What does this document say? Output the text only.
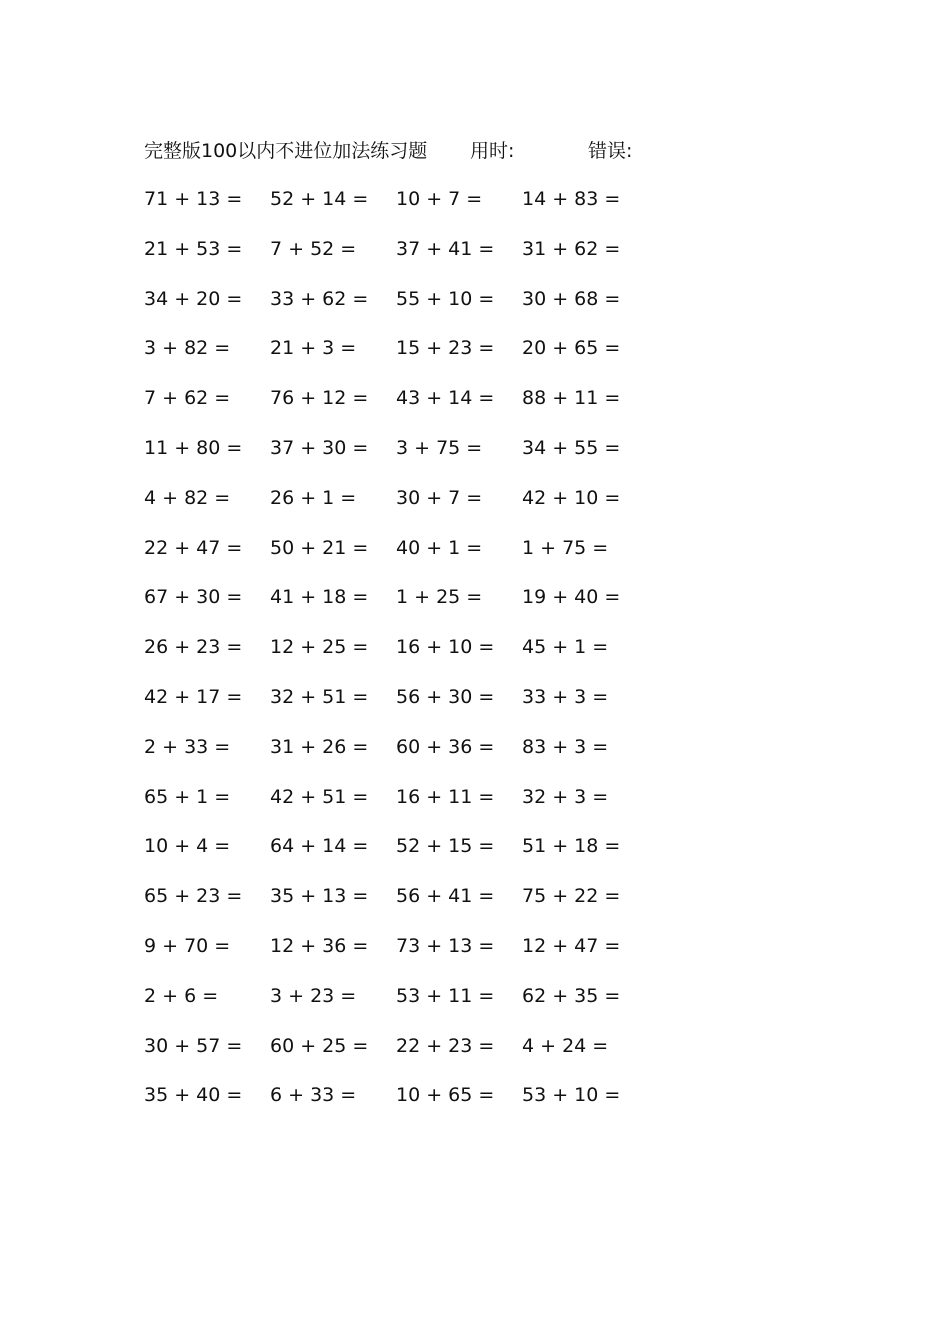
完整版100以内不进位加法练习题 用时:	错误:
71 + 13 = 52 + 14 = 10 + 7 = 14 + 83 =
21 + 53 = 7 + 52 = 37 + 41 = 31 + 62 =
34 + 20 = 33 + 62 = 55 + 10 = 30 + 68 =
3 + 82 = 21 + 3 = 15 + 23 = 20 + 65 =
7 + 62 = 76 + 12 = 43 + 14 = 88 + 11 =
11 + 80 = 37 + 30 = 3 + 75 = 34 + 55 =
4 + 82 = 26 + 1 = 30 + 7 = 42 + 10 =
22 + 47 = 50 + 21 = 40 + 1 = 1 + 75 =
67 + 30 = 41 + 18 = 1 + 25 = 19 + 40 =
26 + 23 = 12 + 25 = 16 + 10 = 45 + 1 =
42 + 17 = 32 + 51 = 56 + 30 = 33 + 3 =
2 + 33 = 31 + 26 = 60 + 36 = 83 + 3 =
65 + 1 = 42 + 51 = 16 + 11 = 32 + 3 =
10 + 4 = 64 + 14 = 52 + 15 = 51 + 18 =
65 + 23 = 35 + 13 = 56 + 41 = 75 + 22 =
9 + 70 = 12 + 36 = 73 + 13 = 12 + 47 =
2 + 6 =	3 + 23 = 53 + 11 = 62 + 35 =
30 + 57 = 60 + 25 = 22 + 23 = 4 + 24 =
35 + 40 = 6 + 33 = 10 + 65 = 53 + 10 =
